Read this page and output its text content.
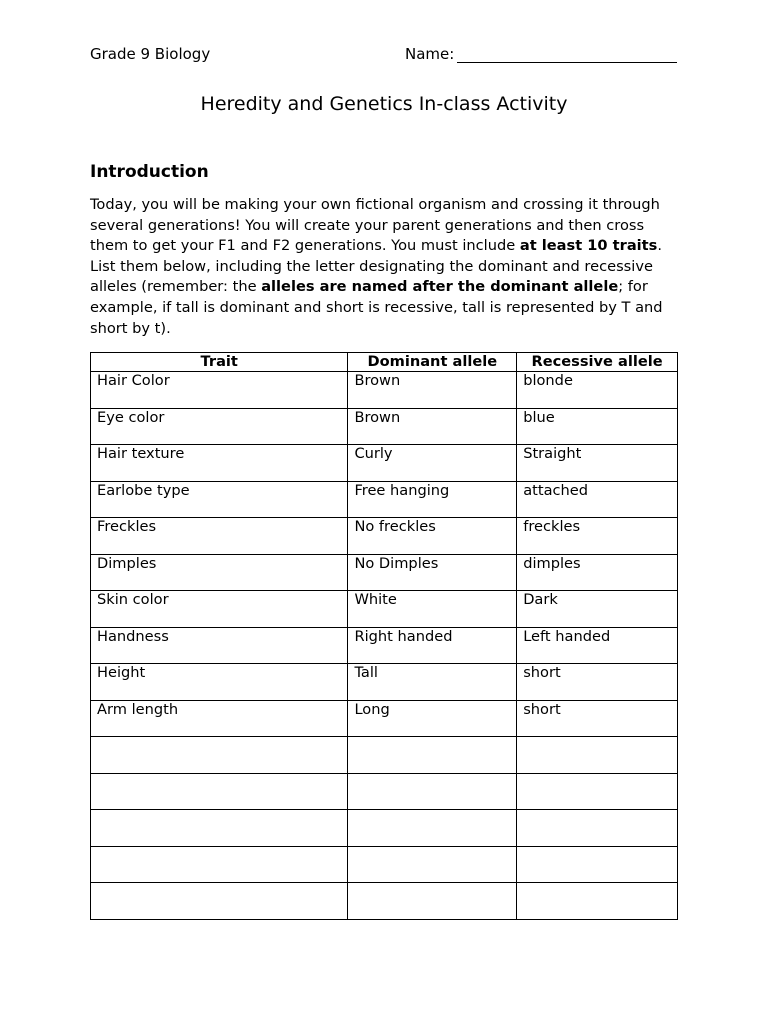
Grade 9 Biology	Name:
Heredity and Genetics In-class Activity
Introduction

Today, you will be making your own fictional organism and crossing it through several generations! You will create your parent generations and then cross them to get your F1 and F2 generations. You must include at least 10 traits. List them below, including the letter designating the dominant and recessive alleles (remember: the alleles are named after the dominant allele; for example, if tall is dominant and short is recessive, tall is represented by T and short by t).

Trait	Dominant allele	Recessive allele
Hair Color	Brown	blonde
Eye color	Brown	blue
Hair texture	Curly	Straight
Earlobe type	Free hanging	attached
Freckles	No freckles	freckles
Dimples	No Dimples	dimples
Skin color	White	Dark
Handness	Right handed	Left handed
Height	Tall	short
Arm length	Long	short
